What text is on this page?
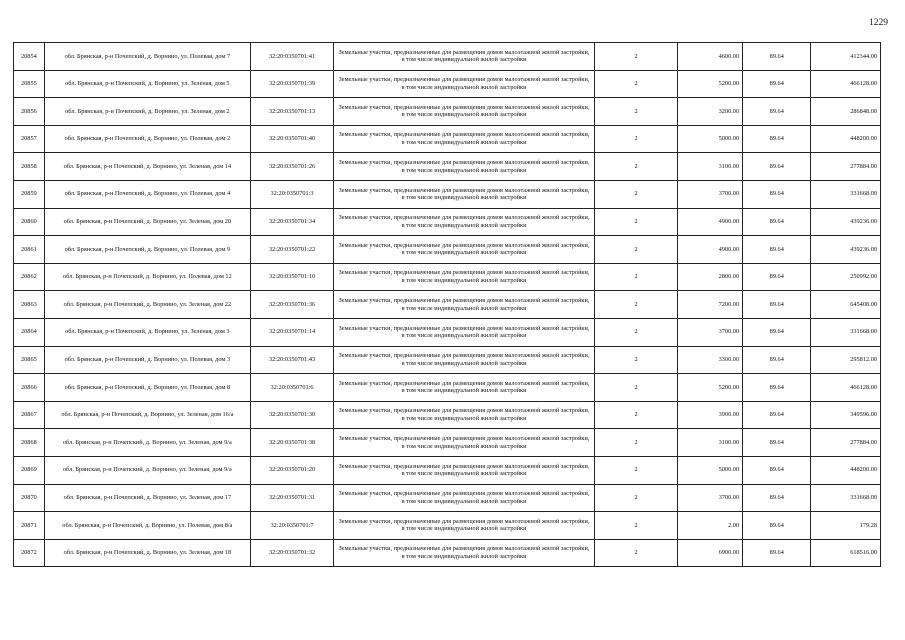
1229
20854	обл. Брянская, р-н Почепский, д. Ворнино, ул. Полевая, дом 7	32:20:0350701:41	Земельные участки, предназначенные для размещения домов малоэтажной жилой застройки, в том числе индивидуальной жилой застройки	2	4600.00	89.64	412344.00
20855	обл. Брянская, р-н Почепский, д. Ворнино, ул. Зеленая, дом 5	32:20:0350701:39	Земельные участки, предназначенные для размещения домов малоэтажной жилой застройки, в том числе индивидуальной жилой застройки	2	5200.00	89.64	466128.00
20856	обл. Брянская, р-н Почепский, д. Ворнино, ул. Зеленая, дом 2	32:20:0350701:13	Земельные участки, предназначенные для размещения домов малоэтажной жилой застройки, в том числе индивидуальной жилой застройки	2	3200.00	89.64	286848.00
20857	обл. Брянская, р-н Почепский, д. Ворнино, ул. Полевая, дом 2	32:20:0350701:40	Земельные участки, предназначенные для размещения домов малоэтажной жилой застройки, в том числе индивидуальной жилой застройки	2	5000.00	89.64	448200.00
20858	обл. Брянская, р-н Почепский, д. Ворнино, ул. Зеленая, дом 14	32:20:0350701:26	Земельные участки, предназначенные для размещения домов малоэтажной жилой застройки, в том числе индивидуальной жилой застройки	2	3100.00	89.64	277884.00
20859	обл. Брянская, р-н Почепский, д. Ворнино, ул. Полевая, дом 4	32:20:0350701:3	Земельные участки, предназначенные для размещения домов малоэтажной жилой застройки, в том числе индивидуальной жилой застройки	2	3700.00	89.64	331668.00
20860	обл. Брянская, р-н Почепский, д. Ворнино, ул. Зеленая, дом 20	32:20:0350701:34	Земельные участки, предназначенные для размещения домов малоэтажной жилой застройки, в том числе индивидуальной жилой застройки	2	4900.00	89.64	439236.00
20861	обл. Брянская, р-н Почепский, д. Ворнино, ул. Полевая, дом 9	32:20:0350701:22	Земельные участки, предназначенные для размещения домов малоэтажной жилой застройки, в том числе индивидуальной жилой застройки	2	4900.00	89.64	439236.00
20862	обл. Брянская, р-н Почепский, д. Ворнино, ул. Полевая, дом 12	32:20:0350701:10	Земельные участки, предназначенные для размещения домов малоэтажной жилой застройки, в том числе индивидуальной жилой застройки	2	2800.00	89.64	250992.00
20863	обл. Брянская, р-н Почепский, д. Ворнино, ул. Зеленая, дом 22	32:20:0350701:36	Земельные участки, предназначенные для размещения домов малоэтажной жилой застройки, в том числе индивидуальной жилой застройки	2	7200.00	89.64	645408.00
20864	обл. Брянская, р-н Почепский, д. Ворнино, ул. Зеленая, дом 3	32:20:0350701:14	Земельные участки, предназначенные для размещения домов малоэтажной жилой застройки, в том числе индивидуальной жилой застройки	2	3700.00	89.64	331668.00
20865	обл. Брянская, р-н Почепский, д. Ворнино, ул. Полевая, дом 3	32:20:0350701:43	Земельные участки, предназначенные для размещения домов малоэтажной жилой застройки, в том числе индивидуальной жилой застройки	2	3300.00	89.64	295812.00
20866	обл. Брянская, р-н Почепский, д. Ворнино, ул. Полевая, дом 8	32:20:0350701:6	Земельные участки, предназначенные для размещения домов малоэтажной жилой застройки, в том числе индивидуальной жилой застройки	2	5200.00	89.64	466128.00
20867	обл. Брянская, р-н Почепский, д. Ворнино, ул. Зеленая, дом 16/а	32:20:0350701:30	Земельные участки, предназначенные для размещения домов малоэтажной жилой застройки, в том числе индивидуальной жилой застройки	2	3900.00	89.64	349596.00
20868	обл. Брянская, р-н Почепский, д. Ворнино, ул. Зеленая, дом 9/а	32:20:0350701:38	Земельные участки, предназначенные для размещения домов малоэтажной жилой застройки, в том числе индивидуальной жилой застройки	2	3100.00	89.64	277884.00
20869	обл. Брянская, р-н Почепский, д. Ворнино, ул. Зеленая, дом 9/а	32:20:0350701:20	Земельные участки, предназначенные для размещения домов малоэтажной жилой застройки, в том числе индивидуальной жилой застройки	2	5000.00	89.64	448200.00
20870	обл. Брянская, р-н Почепский, д. Ворнино, ул. Зеленая, дом 17	32:20:0350701:31	Земельные участки, предназначенные для размещения домов малоэтажной жилой застройки, в том числе индивидуальной жилой застройки	2	3700.00	89.64	331668.00
20871	обл. Брянская, р-н Почепский, д. Ворнино, ул. Полевая, дом 8/а	32:20:0350701:7	Земельные участки, предназначенные для размещения домов малоэтажной жилой застройки, в том числе индивидуальной жилой застройки	2	2.00	89.64	179.28
20872	обл. Брянская, р-н Почепский, д. Ворнино, ул. Зеленая, дом 18	32:20:0350701:32	Земельные участки, предназначенные для размещения домов малоэтажной жилой застройки, в том числе индивидуальной жилой застройки	2	6900.00	89.64	618516.00
